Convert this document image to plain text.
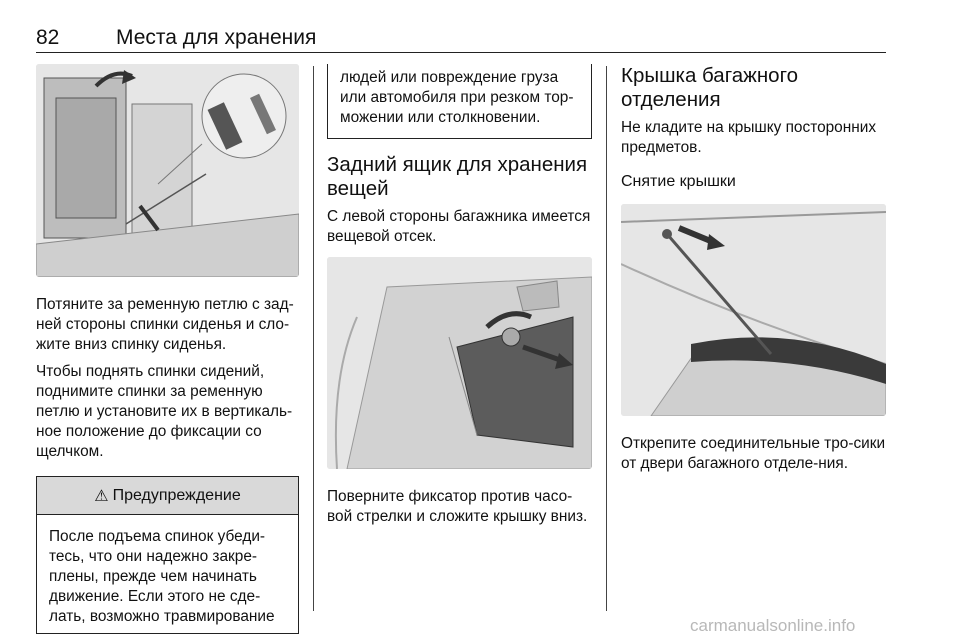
82	Места для хранения

Потяните за ременную петлю с зад-ней стороны спинки сиденья и сло-жите вниз спинку сиденья.

Чтобы поднять спинки сидений, поднимите спинки за ременную петлю и установите их в вертикаль-ное положение до фиксации со щелчком.

⚠ Предупреждение

После подъема спинок убеди-тесь, что они надежно закре-плены, прежде чем начинать движение. Если этого не сде-лать, возможно травмирование

людей или повреждение груза или автомобиля при резком тор-можении или столкновении.

Задний ящик для хранения вещей

С левой стороны багажника имеется вещевой отсек.

Поверните фиксатор против часо-вой стрелки и сложите крышку вниз.

Крышка багажного отделения

Не кладите на крышку посторонних предметов.

Снятие крышки

Открепите соединительные тро-сики от двери багажного отделе-ния.

carmanualsonline.info
